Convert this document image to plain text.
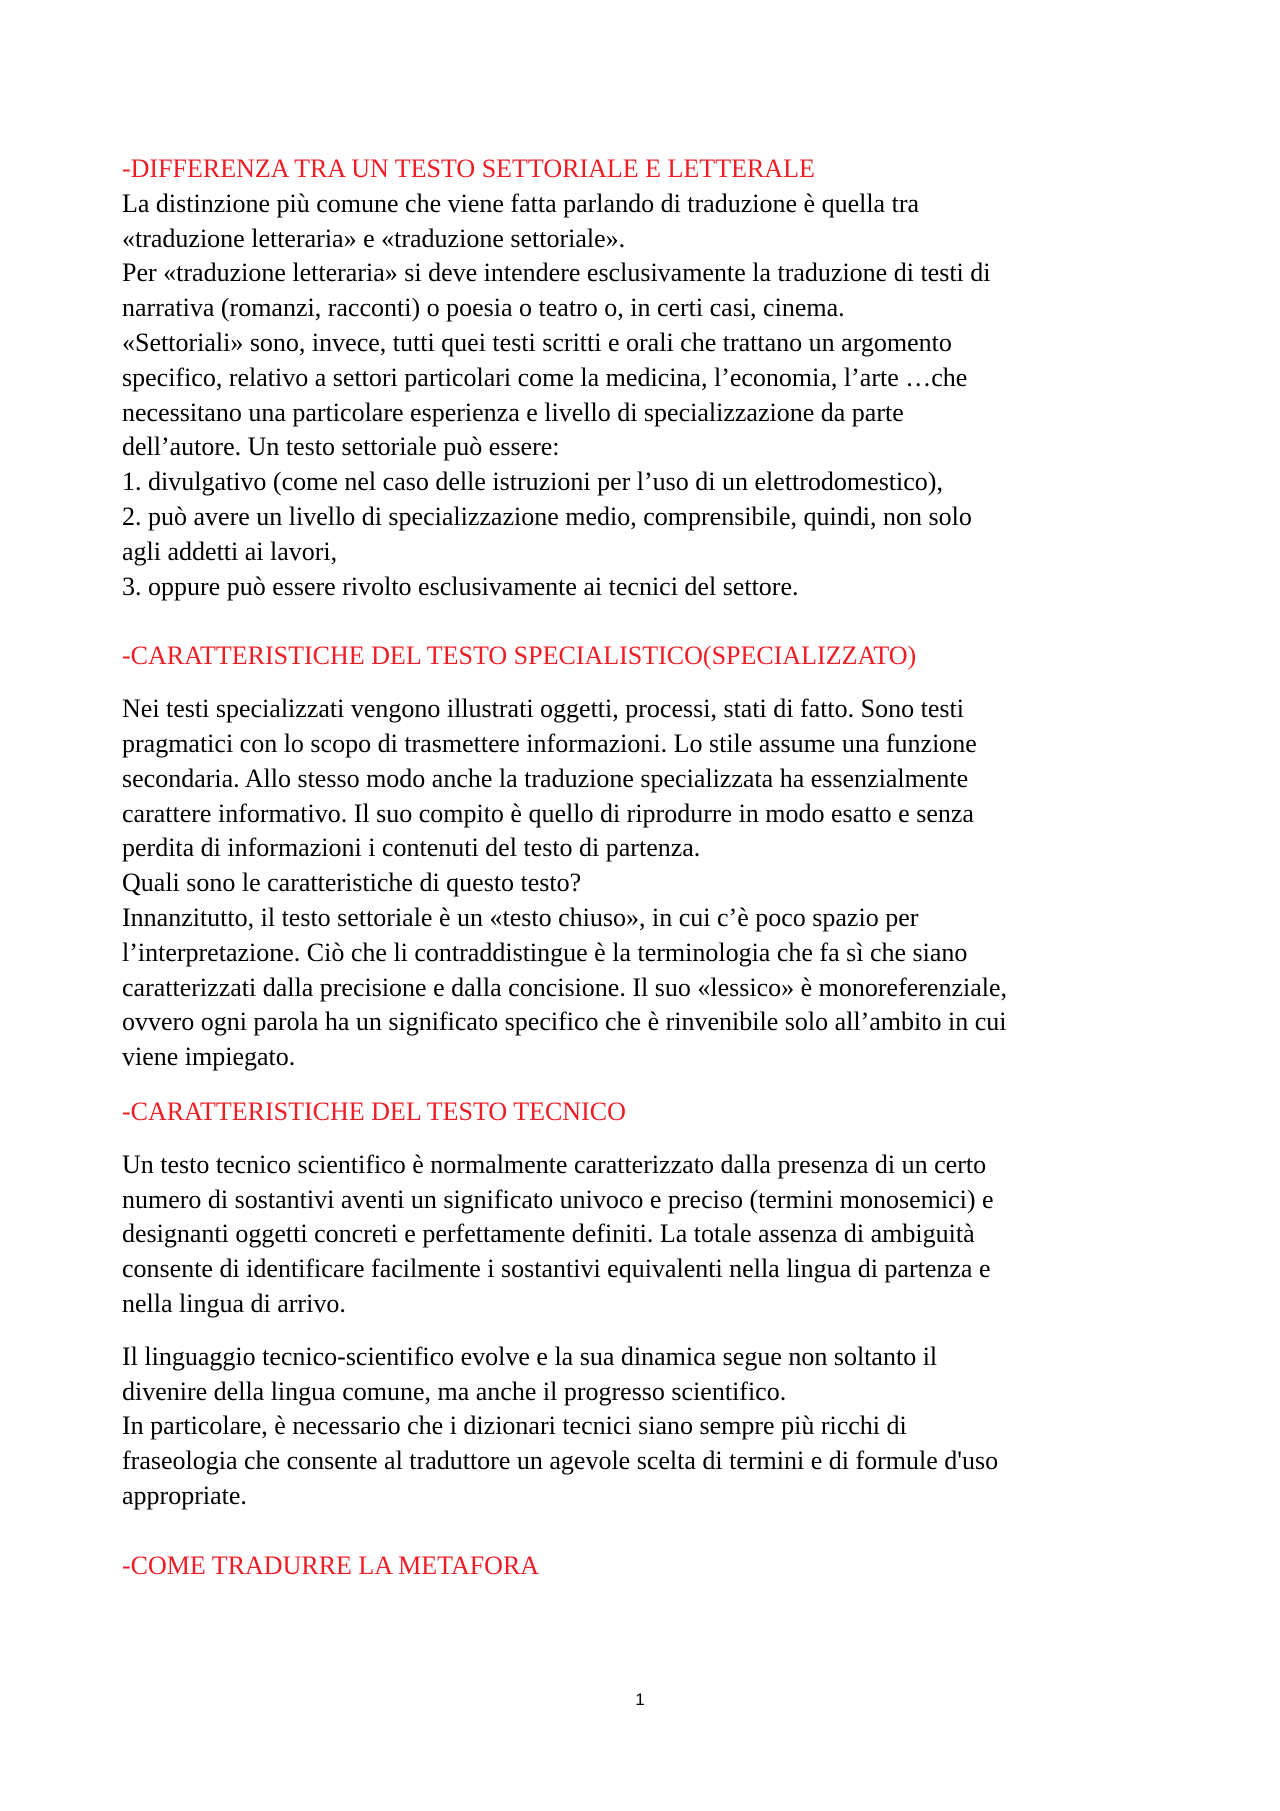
-DIFFERENZA TRA UN TESTO SETTORIALE E LETTERALE
La distinzione più comune che viene fatta parlando di traduzione è quella tra
«traduzione letteraria» e «traduzione settoriale».
Per «traduzione letteraria» si deve intendere esclusivamente la traduzione di testi di
narrativa (romanzi, racconti) o poesia o teatro o, in certi casi, cinema.
«Settoriali» sono, invece, tutti quei testi scritti e orali che trattano un argomento
specifico, relativo a settori particolari come la medicina, l’economia, l’arte …che
necessitano una particolare esperienza e livello di specializzazione da parte
dell’autore. Un testo settoriale può essere:
1. divulgativo (come nel caso delle istruzioni per l’uso di un elettrodomestico),
2. può avere un livello di specializzazione medio, comprensibile, quindi, non solo
agli addetti ai lavori,
3. oppure può essere rivolto esclusivamente ai tecnici del settore.
-CARATTERISTICHE DEL TESTO SPECIALISTICO(SPECIALIZZATO)
Nei testi specializzati vengono illustrati oggetti, processi, stati di fatto. Sono testi
pragmatici con lo scopo di trasmettere informazioni. Lo stile assume una funzione
secondaria. Allo stesso modo anche la traduzione specializzata ha essenzialmente
carattere informativo. Il suo compito è quello di riprodurre in modo esatto e senza
perdita di informazioni i contenuti del testo di partenza.
Quali sono le caratteristiche di questo testo?
Innanzitutto, il testo settoriale è un «testo chiuso», in cui c’è poco spazio per
l’interpretazione. Ciò che li contraddistingue è la terminologia che fa sì che siano
caratterizzati dalla precisione e dalla concisione. Il suo «lessico» è monoreferenziale,
ovvero ogni parola ha un significato specifico che è rinvenibile solo all’ambito in cui
viene impiegato.
-CARATTERISTICHE DEL TESTO TECNICO
Un testo tecnico scientifico è normalmente caratterizzato dalla presenza di un certo
numero di sostantivi aventi un significato univoco e preciso (termini monosemici) e
designanti oggetti concreti e perfettamente definiti. La totale assenza di ambiguità
consente di identificare facilmente i sostantivi equivalenti nella lingua di partenza e
nella lingua di arrivo.
Il linguaggio tecnico-scientifico evolve e la sua dinamica segue non soltanto il
divenire della lingua comune, ma anche il progresso scientifico.
In particolare, è necessario che i dizionari tecnici siano sempre più ricchi di
fraseologia che consente al traduttore un agevole scelta di termini e di formule d'uso
appropriate.
-COME TRADURRE LA METAFORA
1
